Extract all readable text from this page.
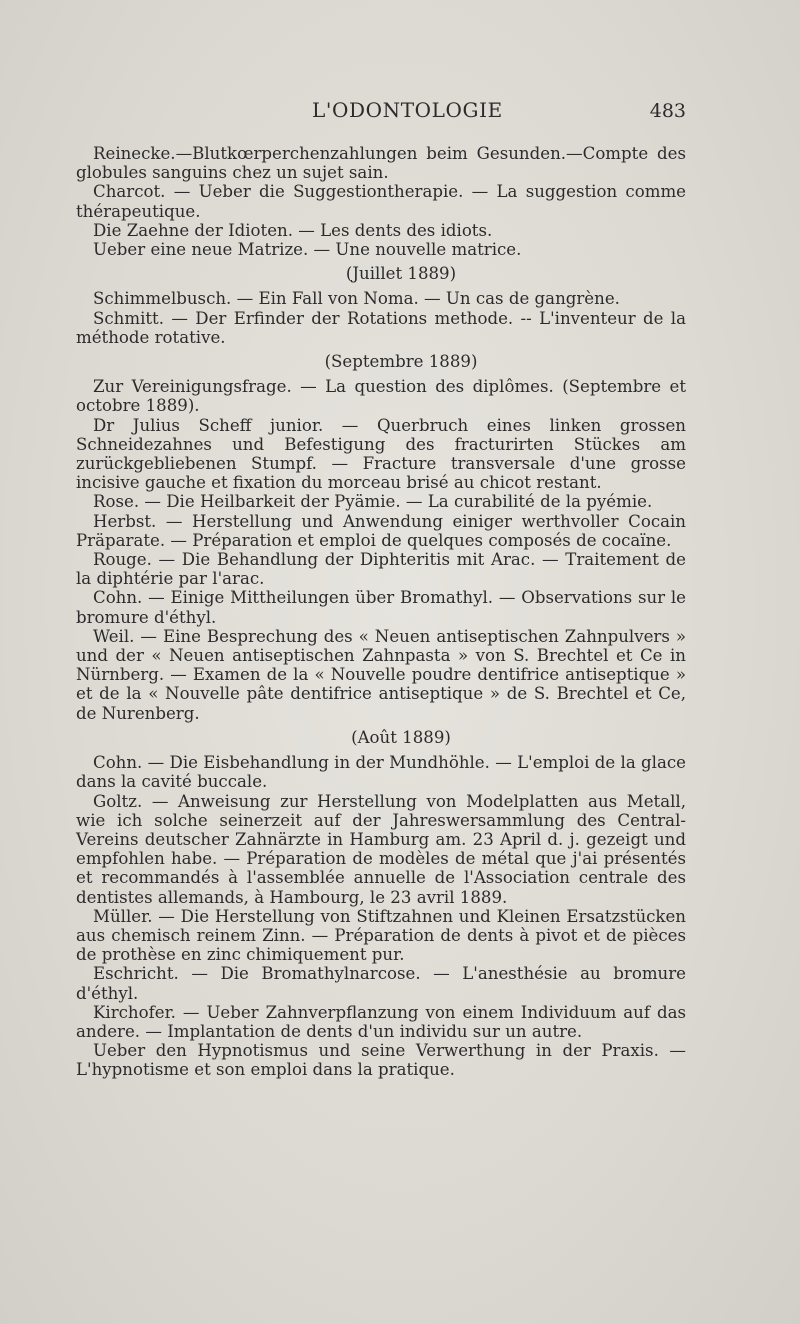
L'ODONTOLOGIE	483

Reinecke.—Blutkœrperchenzahlungen beim Gesunden.—Compte des globules sanguins chez un sujet sain.

Charcot. — Ueber die Suggestiontherapie. — La suggestion comme thérapeutique.

Die Zaehne der Idioten. — Les dents des idiots.

Ueber eine neue Matrize. — Une nouvelle matrice.

(Juillet 1889)

Schimmelbusch. — Ein Fall von Noma. — Un cas de gangrène.

Schmitt. — Der Erfinder der Rotations methode. -- L'inventeur de la méthode rotative.

(Septembre 1889)

Zur Vereinigungsfrage. — La question des diplômes. (Septembre et octobre 1889).

Dr Julius Scheff junior. — Querbruch eines linken grossen Schneidezahnes und Befestigung des fracturirten Stückes am zurückgebliebenen Stumpf. — Fracture transversale d'une grosse incisive gauche et fixation du morceau brisé au chicot restant.

Rose. — Die Heilbarkeit der Pyämie. — La curabilité de la pyémie.

Herbst. — Herstellung und Anwendung einiger werthvoller Cocain Präparate. — Préparation et emploi de quelques composés de cocaïne.

Rouge. — Die Behandlung der Diphteritis mit Arac. — Traitement de la diphtérie par l'arac.

Cohn. — Einige Mittheilungen über Bromathyl. — Observations sur le bromure d'éthyl.

Weil. — Eine Besprechung des « Neuen antiseptischen Zahnpulvers » und der « Neuen antiseptischen Zahnpasta » von S. Brechtel et Ce in Nürnberg. — Examen de la « Nouvelle poudre dentifrice antiseptique » et de la « Nouvelle pâte dentifrice antiseptique » de S. Brechtel et Ce, de Nurenberg.

(Août 1889)

Cohn. — Die Eisbehandlung in der Mundhöhle. — L'emploi de la glace dans la cavité buccale.

Goltz. — Anweisung zur Herstellung von Modelplatten aus Metall, wie ich solche seinerzeit auf der Jahreswersammlung des Central-Vereins deutscher Zahnärzte in Hamburg am. 23 April d. j. gezeigt und empfohlen habe. — Préparation de modèles de métal que j'ai présentés et recommandés à l'assemblée annuelle de l'Association centrale des dentistes allemands, à Hambourg, le 23 avril 1889.

Müller. — Die Herstellung von Stiftzahnen und Kleinen Ersatzstücken aus chemisch reinem Zinn. — Préparation de dents à pivot et de pièces de prothèse en zinc chimiquement pur.

Eschricht. — Die Bromathylnarcose. — L'anesthésie au bromure d'éthyl.

Kirchofer. — Ueber Zahnverpflanzung von einem Individuum auf das andere. — Implantation de dents d'un individu sur un autre.

Ueber den Hypnotismus und seine Verwerthung in der Praxis. — L'hypnotisme et son emploi dans la pratique.
